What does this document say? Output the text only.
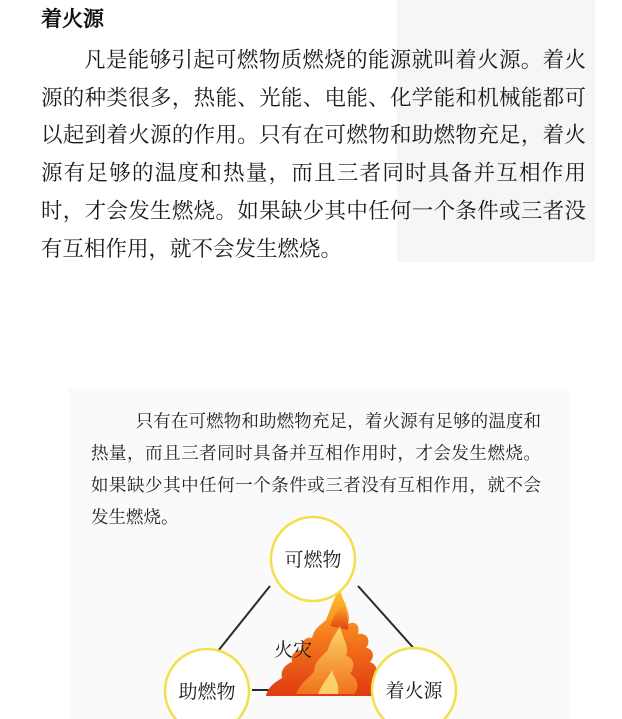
着火源

凡是能够引起可燃物质燃烧的能源就叫着火源。着火源的种类很多，热能、光能、电能、化学能和机械能都可以起到着火源的作用。只有在可燃物和助燃物充足，着火源有足够的温度和热量，而且三者同时具备并互相作用时，才会发生燃烧。如果缺少其中任何一个条件或三者没有互相作用，就不会发生燃烧。

只有在可燃物和助燃物充足，着火源有足够的温度和热量，而且三者同时具备并互相作用时，才会发生燃烧。如果缺少其中任何一个条件或三者没有互相作用，就不会发生燃烧。

火灾
可燃物
助燃物	着火源
